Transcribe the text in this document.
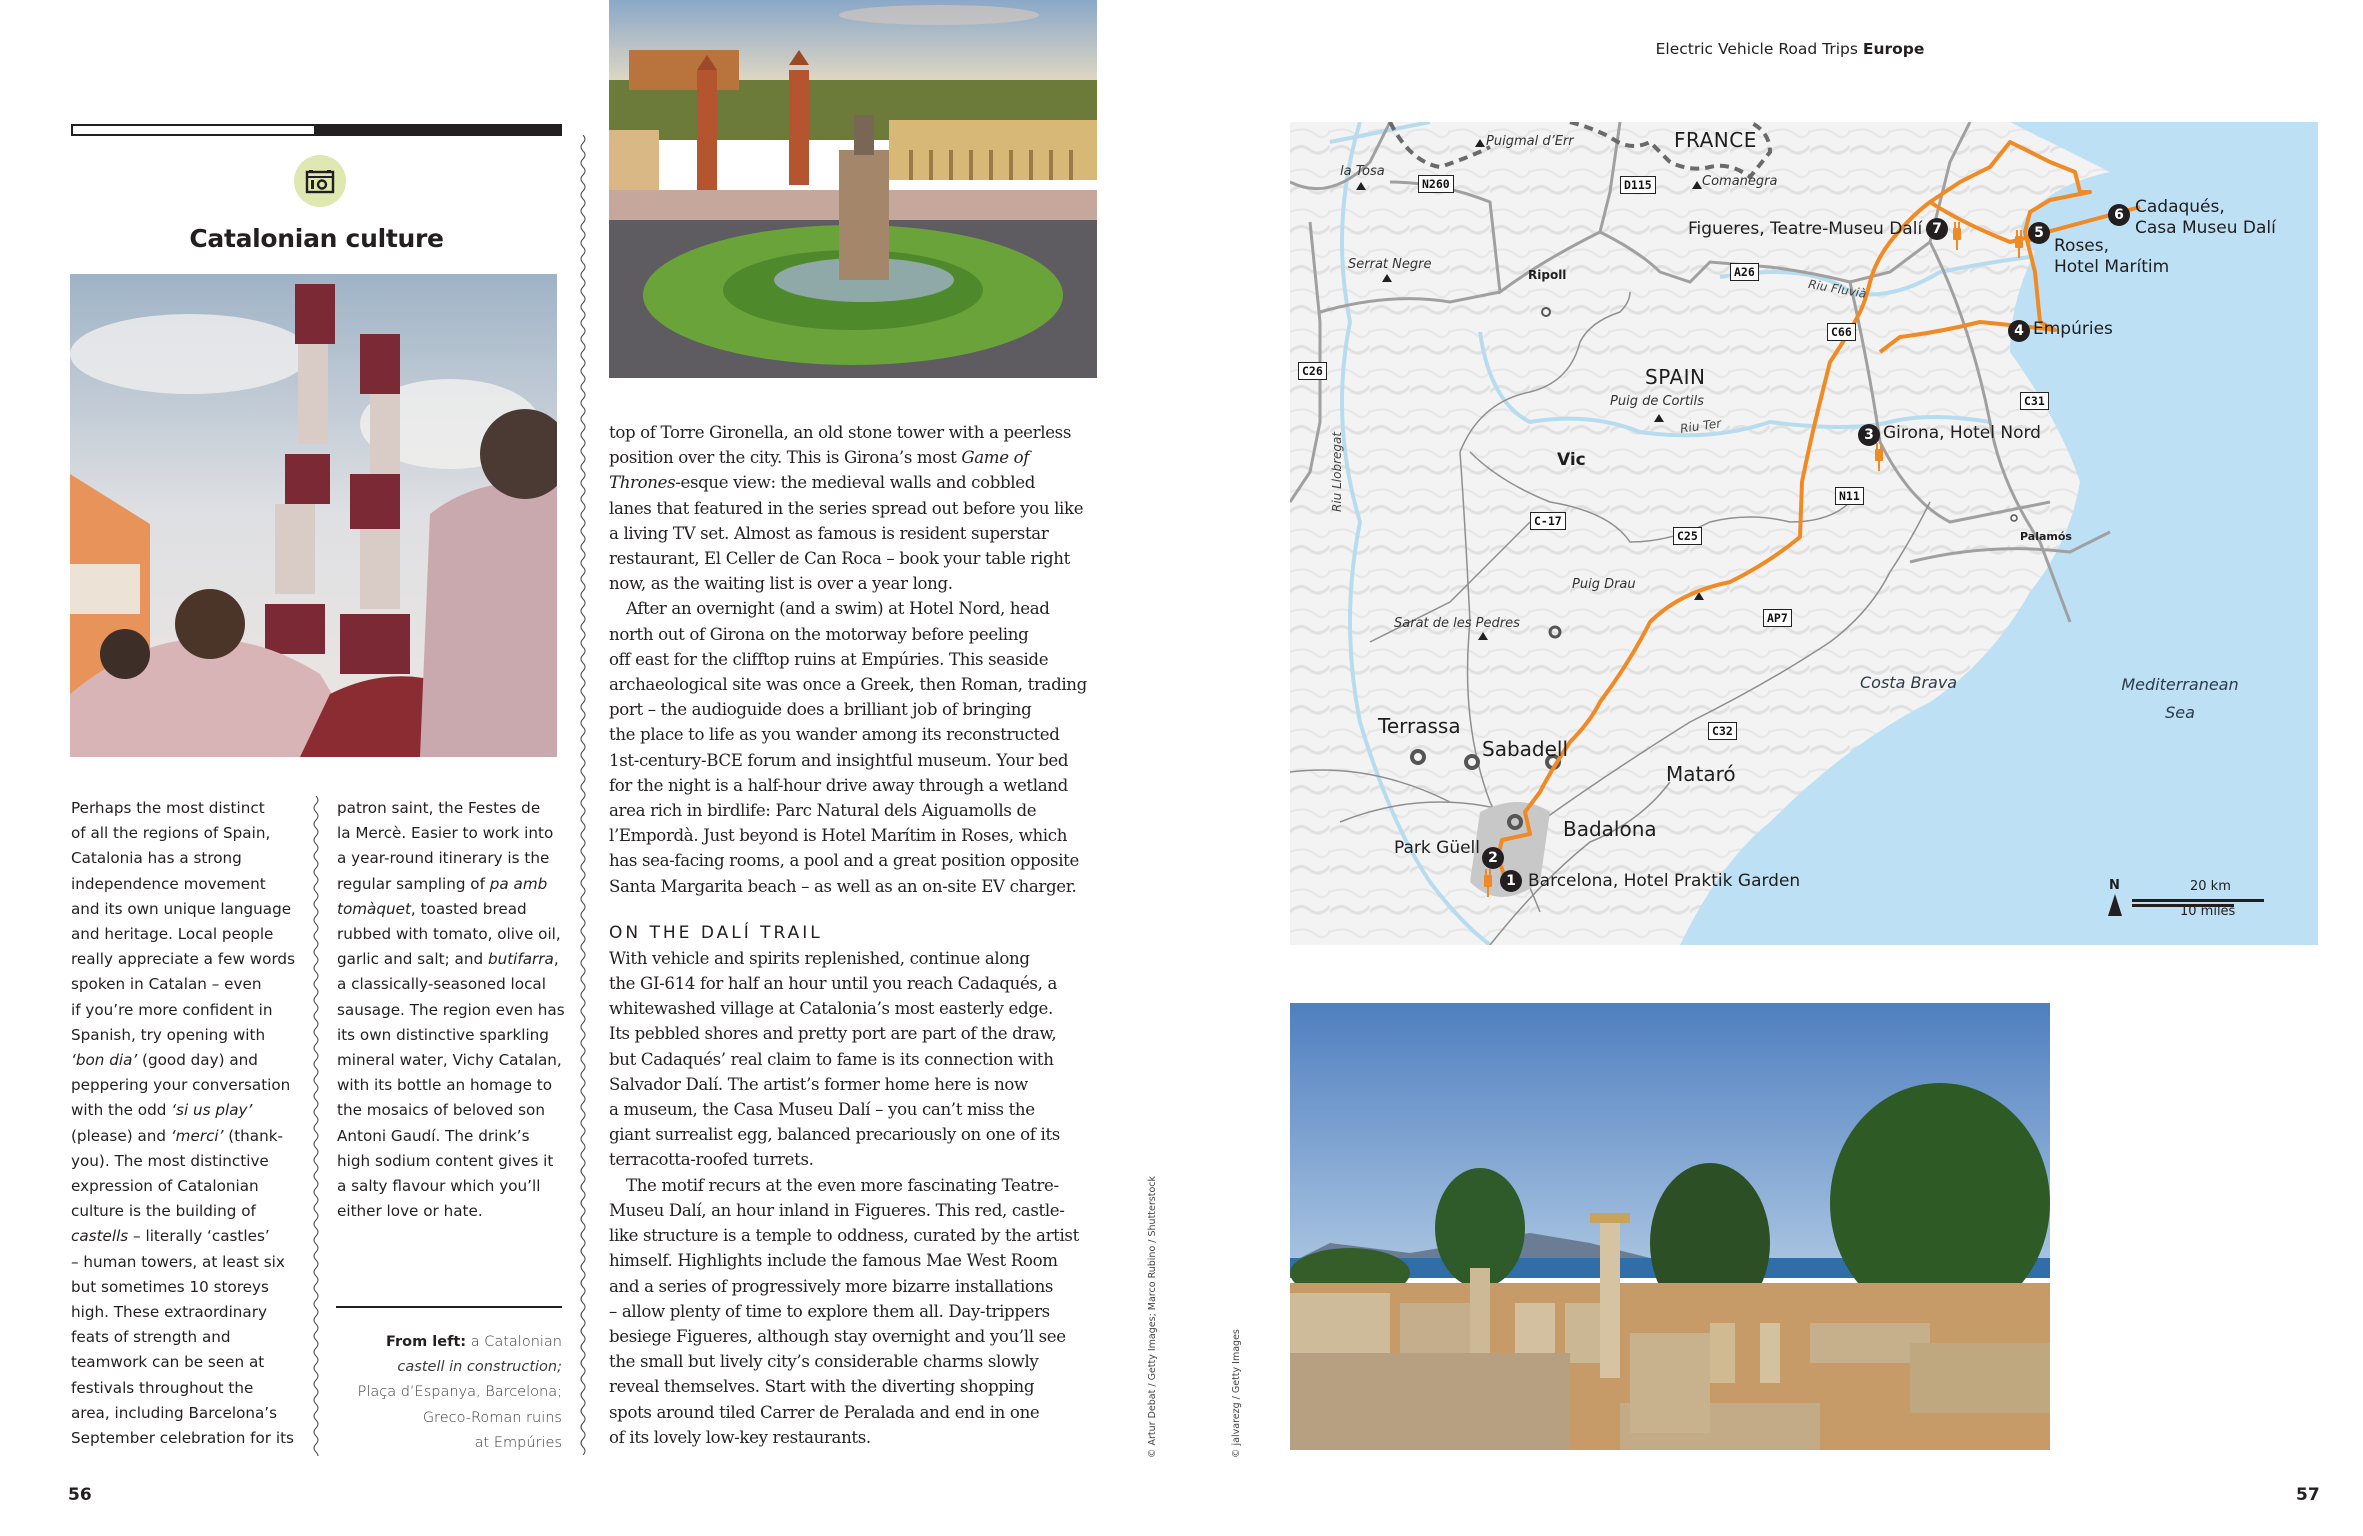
Catalonian culture

Perhaps the most distinct

of all the regions of Spain,

Catalonia has a strong

independence movement

and its own unique language

and heritage. Local people

really appreciate a few words

spoken in Catalan – even

if you’re more confident in

Spanish, try opening with

‘bon dia’ (good day) and

peppering your conversation

with the odd ‘si us play’

(please) and ‘merci’ (thank-

you). The most distinctive

expression of Catalonian

culture is the building of

castells – literally ‘castles’

– human towers, at least six

but sometimes 10 storeys

high. These extraordinary

feats of strength and

teamwork can be seen at

festivals throughout the

area, including Barcelona’s

September celebration for its

patron saint, the Festes de

la Mercè. Easier to work into

a year-round itinerary is the

regular sampling of pa amb

tomàquet, toasted bread

rubbed with tomato, olive oil,

garlic and salt; and butifarra,

a classically-seasoned local

sausage. The region even has

its own distinctive sparkling

mineral water, Vichy Catalan,

with its bottle an homage to

the mosaics of beloved son

Antoni Gaudí. The drink’s

high sodium content gives it

a salty flavour which you’ll

either love or hate.

From left: a Catalonian
castell in construction;
Plaça d’Espanya, Barcelona;
Greco-Roman ruins
at Empúries
56

top of Torre Gironella, an old stone tower with a peerless

position over the city. This is Girona’s most Game of

Thrones-esque view: the medieval walls and cobbled

lanes that featured in the series spread out before you like

a living TV set. Almost as famous is resident superstar

restaurant, El Celler de Can Roca – book your table right

now, as the waiting list is over a year long.

After an overnight (and a swim) at Hotel Nord, head

north out of Girona on the motorway before peeling

off east for the clifftop ruins at Empúries. This seaside

archaeological site was once a Greek, then Roman, trading

port – the audioguide does a brilliant job of bringing

the place to life as you wander among its reconstructed

1st-century-BCE forum and insightful museum. Your bed

for the night is a half-hour drive away through a wetland

area rich in birdlife: Parc Natural dels Aiguamolls de

l’Empordà. Just beyond is Hotel Marítim in Roses, which

has sea-facing rooms, a pool and a great position opposite

Santa Margarita beach – as well as an on-site EV charger.

ON THE DALÍ TRAIL

With vehicle and spirits replenished, continue along

the GI-614 for half an hour until you reach Cadaqués, a

whitewashed village at Catalonia’s most easterly edge.

Its pebbled shores and pretty port are part of the draw,

but Cadaqués’ real claim to fame is its connection with

Salvador Dalí. The artist’s former home here is now

a museum, the Casa Museu Dalí – you can’t miss the

giant surrealist egg, balanced precariously on one of its

terracotta-roofed turrets.

The motif recurs at the even more fascinating Teatre-

Museu Dalí, an hour inland in Figueres. This red, castle-

like structure is a temple to oddness, curated by the artist

himself. Highlights include the famous Mae West Room

and a series of progressively more bizarre installations

– allow plenty of time to explore them all. Day-trippers

besiege Figueres, although stay overnight and you’ll see

the small but lively city’s considerable charms slowly

reveal themselves. Start with the diverting shopping

spots around tiled Carrer de Peralada and end in one

of its lovely low-key restaurants.	© Artur Debat / Getty Images; Marco Rubino / Shutterstock	© jalvarezg / Getty Images
Electric Vehicle Road Trips Europe
FRANCE
SPAIN
Puigmal d’Err
la Tosa
Comanegra
Serrat Negre
Puig de Cortils
Puig Drau
Sarat de les Pedres
Riu Fluvià
Riu Ter
Riu Llobregat	Vic
Ripoll
Palamós
Terrassa
Sabadell
Mataró
Badalona
N260	D115
A26
C66
C26
C31
N11
C-17
C25
AP7
C32
1 Barcelona, Hotel Praktik Garden
2
Park Güell
3 Girona, Hotel Nord
4 Empúries
5
Roses,
Hotel Marítim
6 Cadaqués,
Casa Museu Dalí
7
Figueres, Teatre-Museu Dalí
Costa Brava	Mediterranean
Sea
N	20 km
10 miles
57
